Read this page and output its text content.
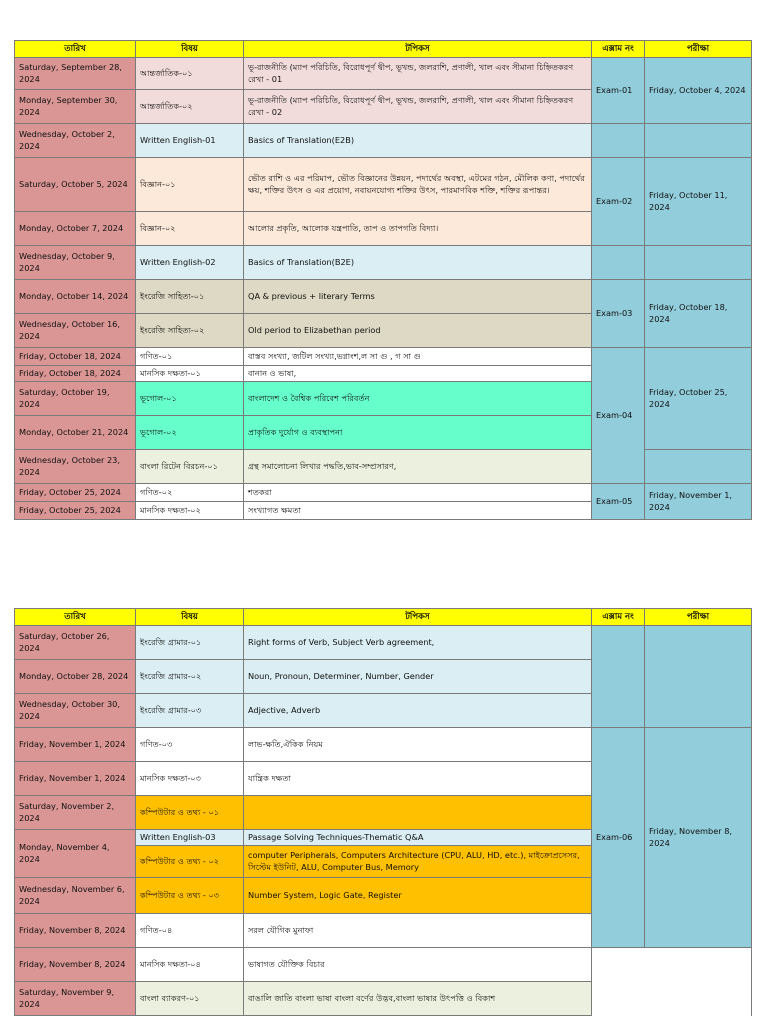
তারিখ	বিষয়	টপিকস	এক্সাম নং	পরীক্ষা
Saturday, September 28, 2024	আন্তর্জাতিক-০১	ভূ-রাজনীতি (ম্যাপ পরিচিতি, বিরোধপূর্ণ দ্বীপ, ভূখন্ড, জলরাশি, প্রণালী, খাল এবং সীমানা চিহ্নিতকরণ রেখা - 01	Exam-01	Friday, October 4, 2024
Monday, September 30, 2024	আন্তর্জাতিক-০২	ভূ-রাজনীতি (ম্যাপ পরিচিতি, বিরোধপূর্ণ দ্বীপ, ভূখন্ড, জলরাশি, প্রণালী, খাল এবং সীমানা চিহ্নিতকরণ রেখা - 02		
Wednesday, October 2, 2024	Written English-01	Basics of Translation(E2B)		
Saturday, October 5, 2024	বিজ্ঞান-০১	ভৌত রাশি ও এর পরিমাপ, ভৌত বিজ্ঞানের উন্নয়ন, পদার্থের অবস্থা, এটমের গঠন, মৌলিক কণা, পদার্থের ক্ষয়, শক্তির উৎস ও এর প্রয়োগ, নবায়নযোগ্য শক্তির উৎস, পারমাণবিক শক্তি, শক্তির রূপান্তর।	Exam-02	Friday, October 11, 2024
Monday, October 7, 2024	বিজ্ঞান-০২	আলোর প্রকৃতি, আলোক যন্ত্রপাতি, তাপ ও তাপগতি বিদ্যা।		
Wednesday, October 9, 2024	Written English-02	Basics of Translation(B2E)		
Monday, October 14, 2024	ইংরেজি সাহিত্য-০১	QA & previous + literary Terms	Exam-03	Friday, October 18, 2024
Wednesday, October 16, 2024	ইংরেজি সাহিত্য-০২	Old period to Elizabethan period		
Friday, October 18, 2024	গণিত-০১	বাস্তব সংখ্যা, জটিল সংখ্যা,ভগ্নাংশ,ল সা গু , গ সা গু	Exam-04	Friday, October 25, 2024
Friday, October 18, 2024	মানসিক দক্ষতা-০১	বানান ও ভাষা,		
Saturday, October 19, 2024	ভূগোল-০১	বাংলাদেশ ও বৈশ্বিক পরিবেশ পরিবর্তন		
Monday, October 21, 2024	ভূগোল-০২	প্রাকৃতিক দুর্যোগ ও ব্যবস্থাপনা		
Wednesday, October 23, 2024	বাংলা রিটেন বিরচন-০১	গ্রন্থ সমালোচনা লিখার পদ্ধতি,ভাব-সম্প্রসারণ,		
Friday, October 25, 2024	গণিত-০২	শতকরা	Exam-05	Friday, November 1, 2024
Friday, October 25, 2024	মানসিক দক্ষতা-০২	সংখ্যাগত ক্ষমতা		
তারিখ	বিষয়	টপিকস	এক্সাম নং	পরীক্ষা	
Saturday, October 26, 2024	ইংরেজি গ্রামার-০১	Right forms of Verb, Subject Verb agreement,			
Monday, October 28, 2024	ইংরেজি গ্রামার-০২	Noun, Pronoun, Determiner, Number, Gender			
Wednesday, October 30, 2024	ইংরেজি গ্রামার-০৩	Adjective, Adverb			
Friday, November 1, 2024	গণিত-০৩	লাভ-ক্ষতি,ঐকিক নিয়ম	Exam-06	Friday, November 8, 2024	
Friday, November 1, 2024	মানসিক দক্ষতা-০৩	যান্ত্রিক দক্ষতা			
Saturday, November 2, 2024	কম্পিউটার ও তথ্য - ০১				
Monday, November 4, 2024	Written English-03	Passage Solving Techniques-Thematic Q&A			
	কম্পিউটার ও তথ্য - ০২	computer Peripherals, Computers Architecture (CPU, ALU, HD, etc.), মাইক্রোপ্রসেসর, সিস্টেম ইউনিট, ALU, Computer Bus, Memory			
Wednesday, November 6, 2024	কম্পিউটার ও তথ্য - ০৩	Number System, Logic Gate, Register			
Friday, November 8, 2024	গণিত-০৪	সরল যৌগিক মুনাফা		
Friday, November 8, 2024	মানসিক দক্ষতা-০৪	ভাষাগত যৌক্তিক বিচার			
Saturday, November 9, 2024	বাংলা ব্যাকরণ-০১	বাঙালি জাতি বাংলা ভাষা বাংলা বর্ণের উদ্ভব,বাংলা ভাষার উৎপত্তি ও বিকাশ			
